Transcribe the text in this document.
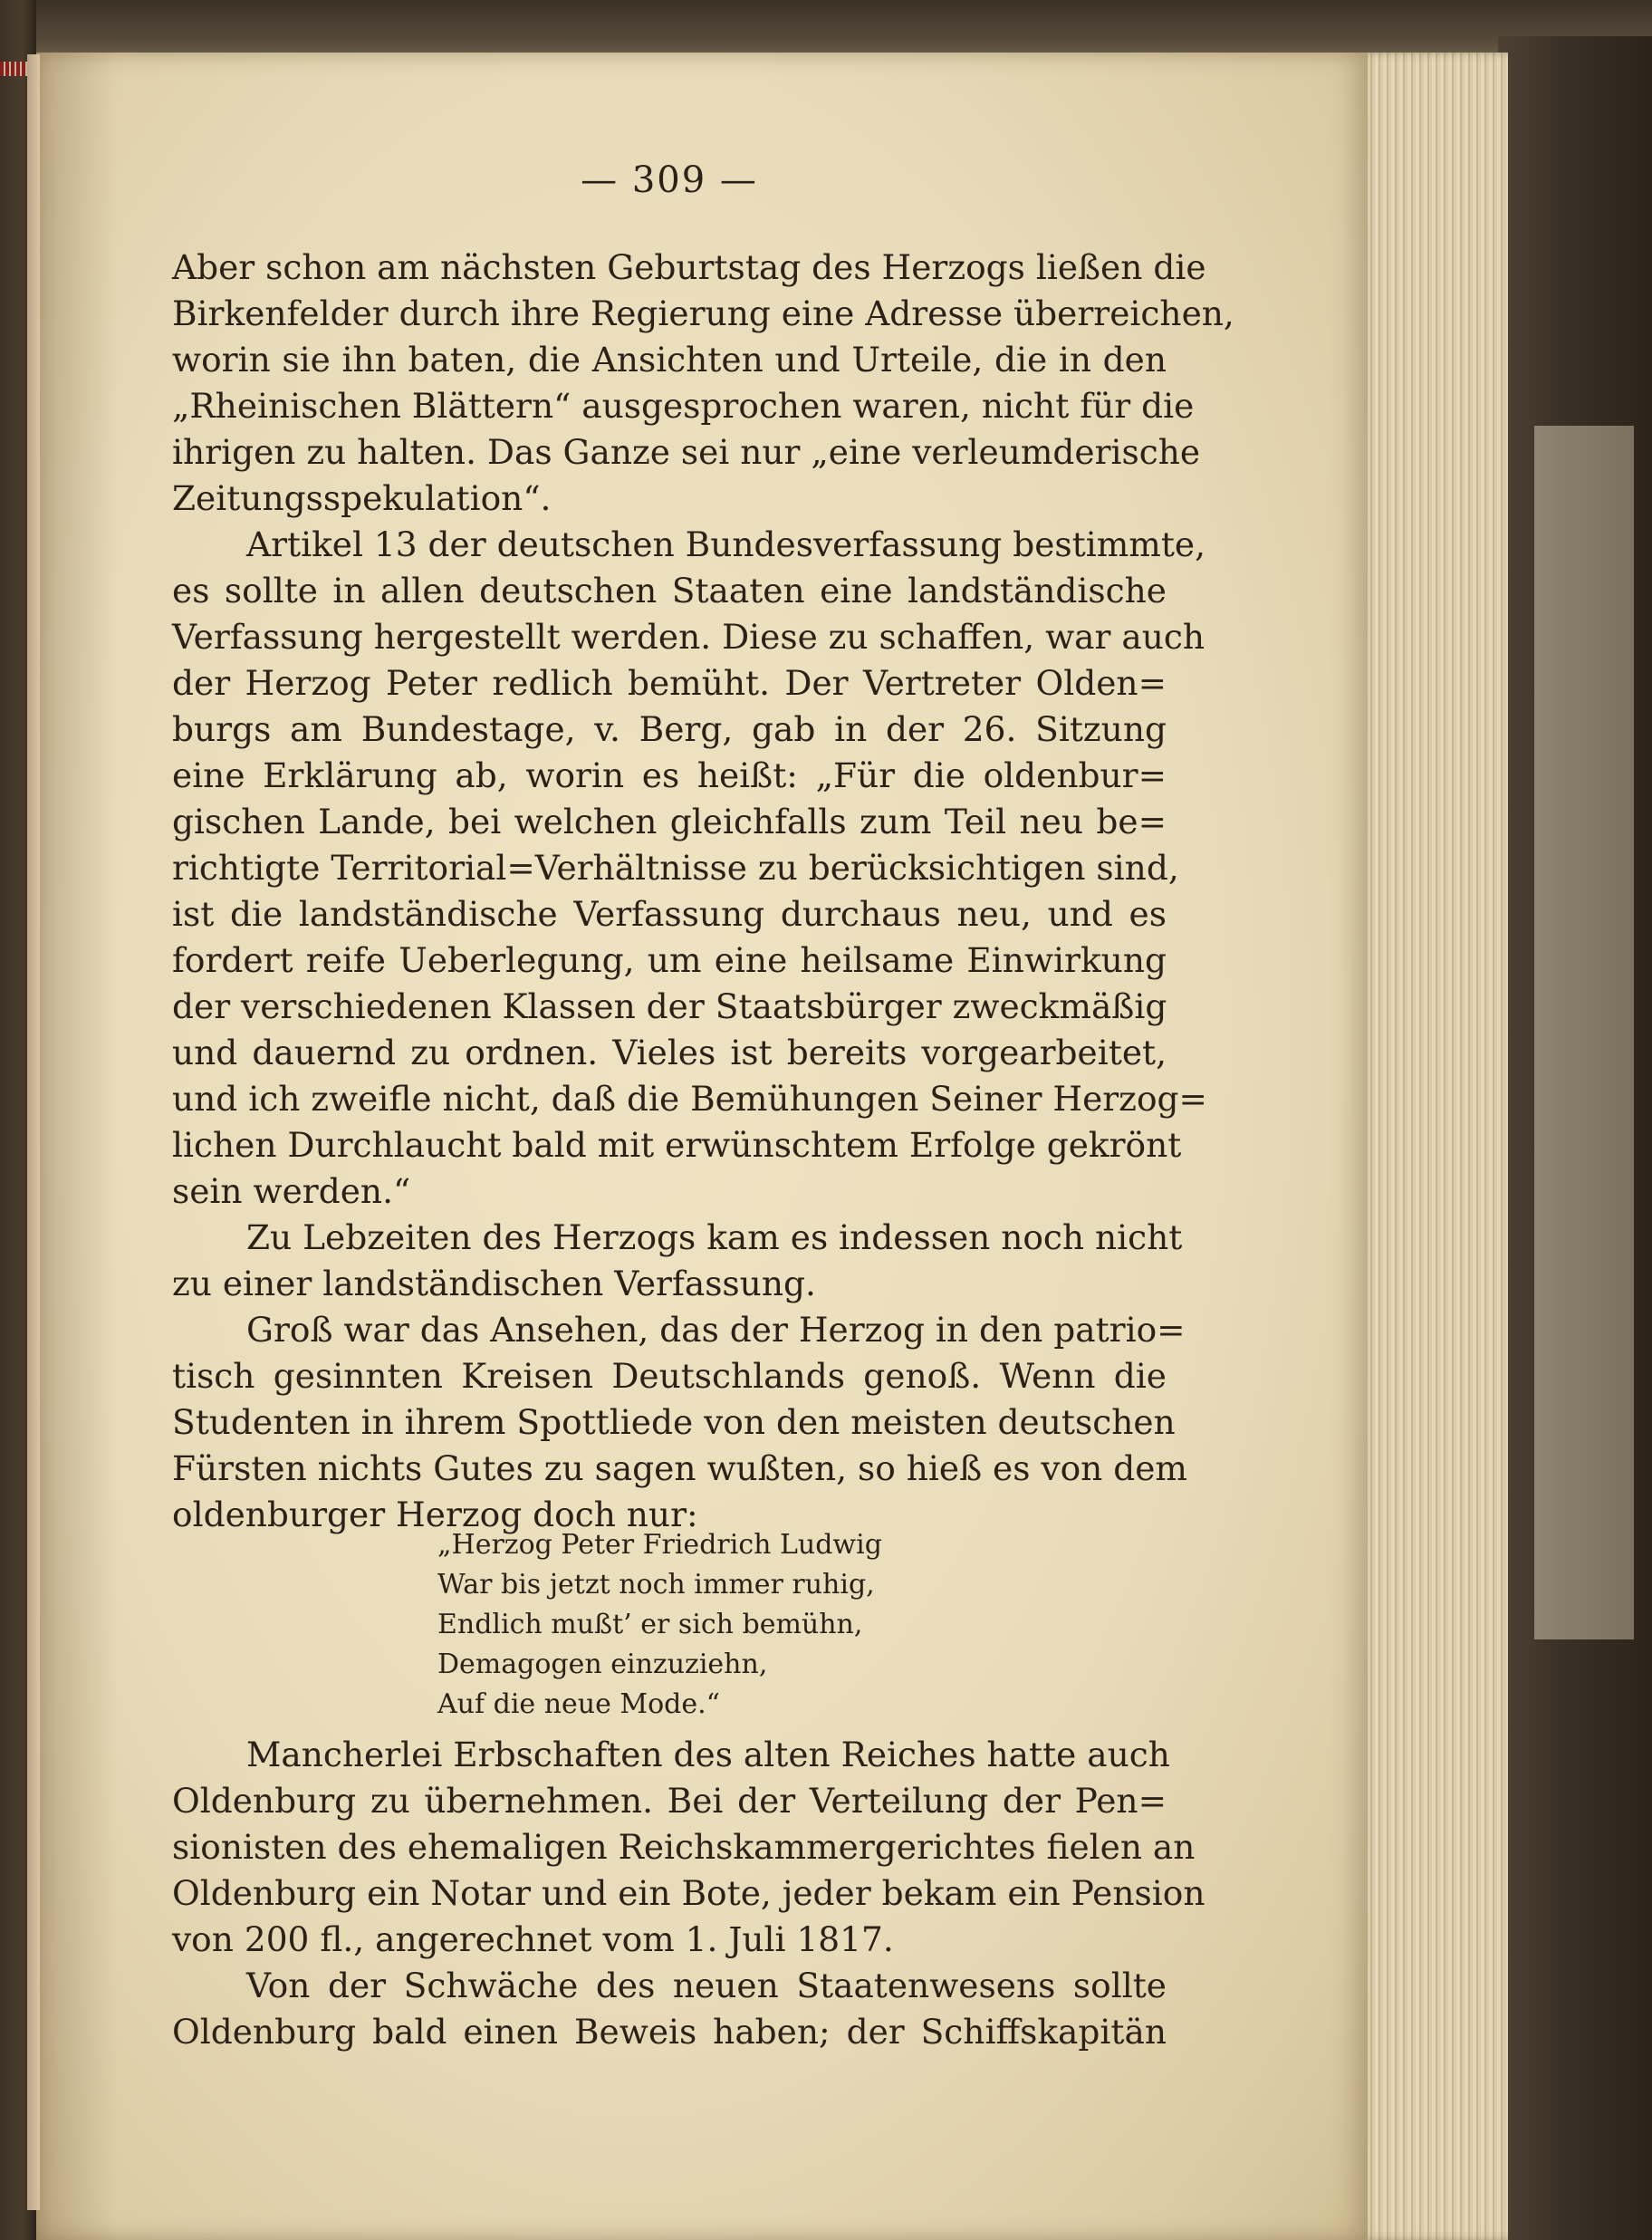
— 309 —
Aber schon am nächsten Geburtstag des Herzogs ließen die
Birkenfelder durch ihre Regierung eine Adresse überreichen,
worin sie ihn baten, die Ansichten und Urteile, die in den
„Rheinischen Blättern“ ausgesprochen waren, nicht für die
ihrigen zu halten. Das Ganze sei nur „eine verleumderische
Zeitungsspekulation“.
Artikel 13 der deutschen Bundesverfassung bestimmte,
es sollte in allen deutschen Staaten eine landständische
Verfassung hergestellt werden. Diese zu schaffen, war auch
der Herzog Peter redlich bemüht. Der Vertreter Olden=
burgs am Bundestage, v. Berg, gab in der 26. Sitzung
eine Erklärung ab, worin es heißt: „Für die oldenbur=
gischen Lande, bei welchen gleichfalls zum Teil neu be=
richtigte Territorial=Verhältnisse zu berücksichtigen sind,
ist die landständische Verfassung durchaus neu, und es
fordert reife Ueberlegung, um eine heilsame Einwirkung
der verschiedenen Klassen der Staatsbürger zweckmäßig
und dauernd zu ordnen. Vieles ist bereits vorgearbeitet,
und ich zweifle nicht, daß die Bemühungen Seiner Herzog=
lichen Durchlaucht bald mit erwünschtem Erfolge gekrönt
sein werden.“
Zu Lebzeiten des Herzogs kam es indessen noch nicht
zu einer landständischen Verfassung.
Groß war das Ansehen, das der Herzog in den patrio=
tisch gesinnten Kreisen Deutschlands genoß. Wenn die
Studenten in ihrem Spottliede von den meisten deutschen
Fürsten nichts Gutes zu sagen wußten, so hieß es von dem
oldenburger Herzog doch nur:
„Herzog Peter Friedrich Ludwig
War bis jetzt noch immer ruhig,
Endlich mußt’ er sich bemühn,
Demagogen einzuziehn,
Auf die neue Mode.“
Mancherlei Erbschaften des alten Reiches hatte auch
Oldenburg zu übernehmen. Bei der Verteilung der Pen=
sionisten des ehemaligen Reichskammergerichtes fielen an
Oldenburg ein Notar und ein Bote, jeder bekam ein Pension
von 200 fl., angerechnet vom 1. Juli 1817.
Von der Schwäche des neuen Staatenwesens sollte
Oldenburg bald einen Beweis haben; der Schiffskapitän
